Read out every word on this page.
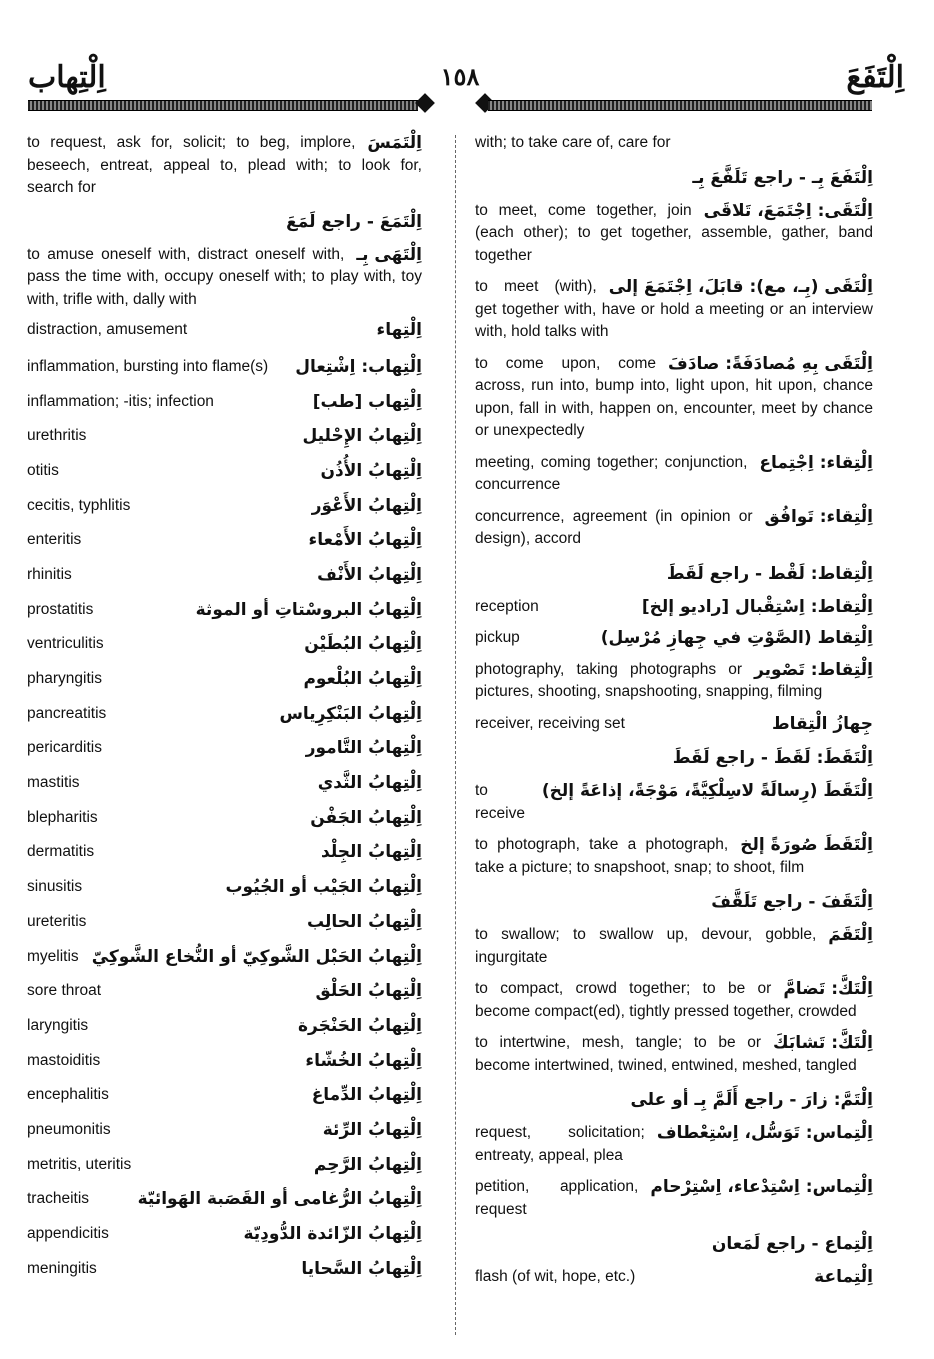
اِلْتِهاب	١٥٨	اِلْتَفَعَ
اِلْتَمَسَ
to request, ask for, solicit; to beg, implore, beseech, entreat, appeal to, plead with; to look for, search for
اِلْتَمَعَ - راجع لَمَعَ
اِلْتَهَى بِـ
to amuse oneself with, distract oneself with, pass the time with, occupy oneself with; to play with, toy with, trifle with, dally with
اِلْتِهاء
distraction, amusement
inflammation, bursting into flame(s) اِلْتِهاب: اِشْتِعال
inflammation; -itis; infection	اِلْتِهاب [طب]
urethritis	اِلْتِهابُ الإِحْليل
otitis	اِلْتِهابُ الأُذُن
cecitis, typhlitis	اِلْتِهابُ الأَعْوَر
enteritis	اِلْتِهابُ الأَمْعاء
rhinitis	اِلْتِهابُ الأَنْف
prostatitis	اِلْتِهابُ البروسْتاتِ أو الموثة
ventriculitis	اِلْتِهابُ البُطَيْن
pharyngitis	اِلْتِهابُ البُلْعوم
pancreatitis	اِلْتِهابُ البَنْكِرِياس
pericarditis	اِلْتِهابُ التَّامور
mastitis	اِلْتِهابُ الثَّدي
blepharitis	اِلْتِهابُ الجَفْن
dermatitis	اِلْتِهابُ الجِلْد
sinusitis	اِلْتِهابُ الجَيْب أو الجُيُوب
ureteritis	اِلْتِهابُ الحالِب
myelitis اِلْتِهابُ الحَبْل الشَّوكِيّ أو النُّخاع الشَّوكِيّ
sore throat	اِلْتِهابُ الحَلْق
laryngitis	اِلْتِهابُ الحَنْجَرة
mastoiditis	اِلْتِهابُ الخُشّاء
encephalitis	اِلْتِهابُ الدِّماغ
pneumonitis	اِلْتِهابُ الرِّئة
metritis, uteritis	اِلْتِهابُ الرَّحِم
tracheitis	اِلْتِهابُ الرُّغامى أو القَصَبة الهَوائيّة
appendicitis	اِلْتِهابُ الزّائدة الدُّودِيّة
meningitis	اِلْتِهابُ السَّحايا
with; to take care of, care for
اِلْتَفَعَ بِـ - راجع تَلَفَّعَ بِـ
اِلْتَقَى: اِجْتَمَعَ، تَلاقَى
to meet, come together, join (each other); to get together, assemble, gather, band together
اِلْتَقَى (بِـ، مع): قابَلَ، اِجْتَمَعَ إلى
to meet (with), get together with, have or hold a meeting or an interview with, hold talks with
اِلْتَقَى بِهِ مُصادَفَةً: صادَفَ
to come upon, come across, run into, bump into, light upon, hit upon, chance upon, fall in with, happen on, encounter, meet by chance or unexpectedly
اِلْتِقاء: اِجْتِماع
meeting, coming together; conjunction, concurrence
اِلْتِقاء: تَوافُق
concurrence, agreement (in opinion or design), accord
اِلْتِقاط: لَقْط - راجع لَقَطَ
اِلْتِقاط: اِسْتِقْبال [راديو إلخ]
reception
اِلْتِقاط (الصَّوْتِ في جِهازِ مُرْسِل)
pickup
اِلْتِقاط: تَصْوير
photography, taking photographs or pictures, shooting, snapshooting, snapping, filming
جِهازُ الْتِقاط
receiver, receiving set
اِلْتَقَطَ: لَقَطَ - راجع لَقَطَ
اِلْتَقَطَ (رِسالَةً لاسِلْكِيَّةً، مَوْجَةً، إذاعَةً إلخ)
to receive
اِلْتَقَطَ صُورَةً إلخ
to photograph, take a photograph, take a picture; to snapshoot, snap; to shoot, film
اِلْتَقَفَ - راجع تَلَقَّفَ
اِلْتَقَمَ
to swallow; to swallow up, devour, gobble, ingurgitate
اِلْتَكَّ: تَضامَّ
to compact, crowd together; to be or become compact(ed), tightly pressed together, crowded
اِلْتَكَّ: تَشابَكَ
to intertwine, mesh, tangle; to be or become intertwined, twined, entwined, meshed, tangled
اِلْتَمَّ: زارَ - راجع أَلَمَّ بِـ أو على
اِلْتِماس: تَوَسُّل، اِسْتِعْطاف
request, solicitation; entreaty, appeal, plea
اِلْتِماس: اِسْتِدْعاء، اِسْتِرْحام
petition, application, request
اِلْتِماع - راجع لَمَعان
اِلْتِماعة
flash (of wit, hope, etc.)
